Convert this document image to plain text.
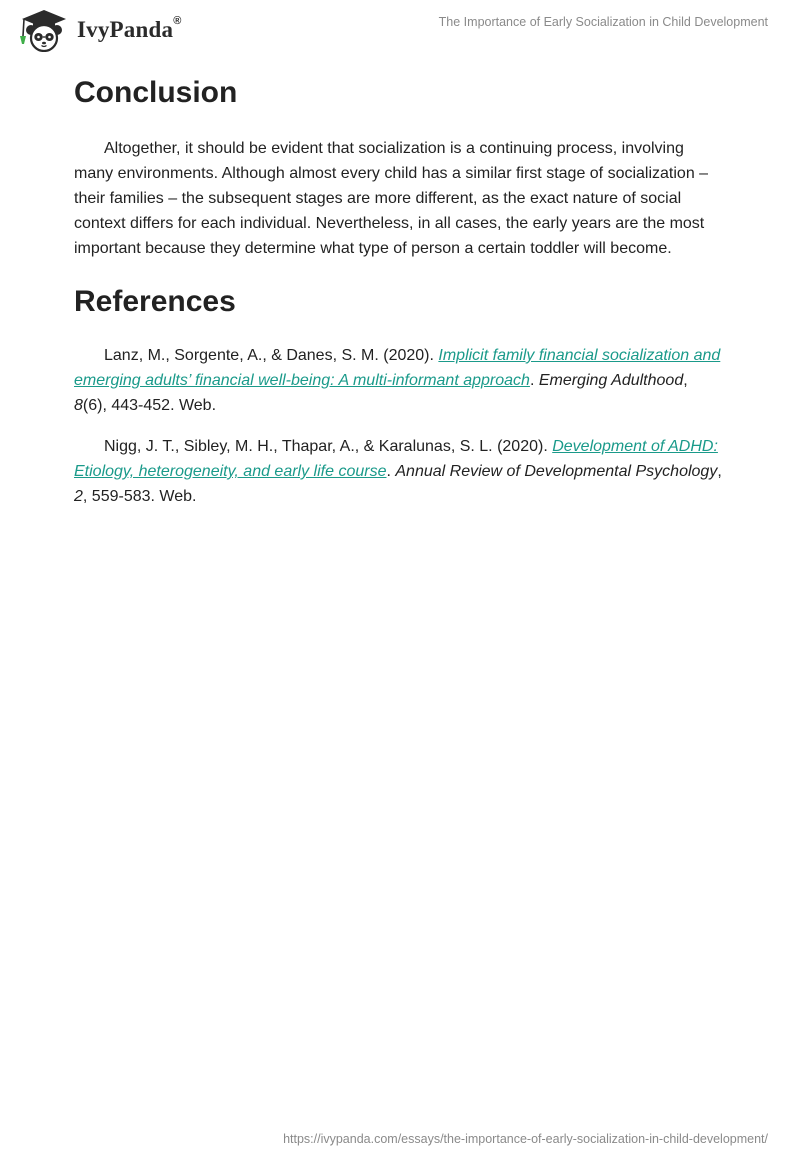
IvyPanda®	The Importance of Early Socialization in Child Development
Conclusion

Altogether, it should be evident that socialization is a continuing process, involving many environments. Although almost every child has a similar first stage of socialization – their families – the subsequent stages are more different, as the exact nature of social context differs for each individual. Nevertheless, in all cases, the early years are the most important because they determine what type of person a certain toddler will become.

References

Lanz, M., Sorgente, A., & Danes, S. M. (2020). Implicit family financial socialization and emerging adults’ financial well-being: A multi-informant approach. Emerging Adulthood, 8(6), 443-452. Web.

Nigg, J. T., Sibley, M. H., Thapar, A., & Karalunas, S. L. (2020). Development of ADHD: Etiology, heterogeneity, and early life course. Annual Review of Developmental Psychology, 2, 559-583. Web.

https://ivypanda.com/essays/the-importance-of-early-socialization-in-child-development/
